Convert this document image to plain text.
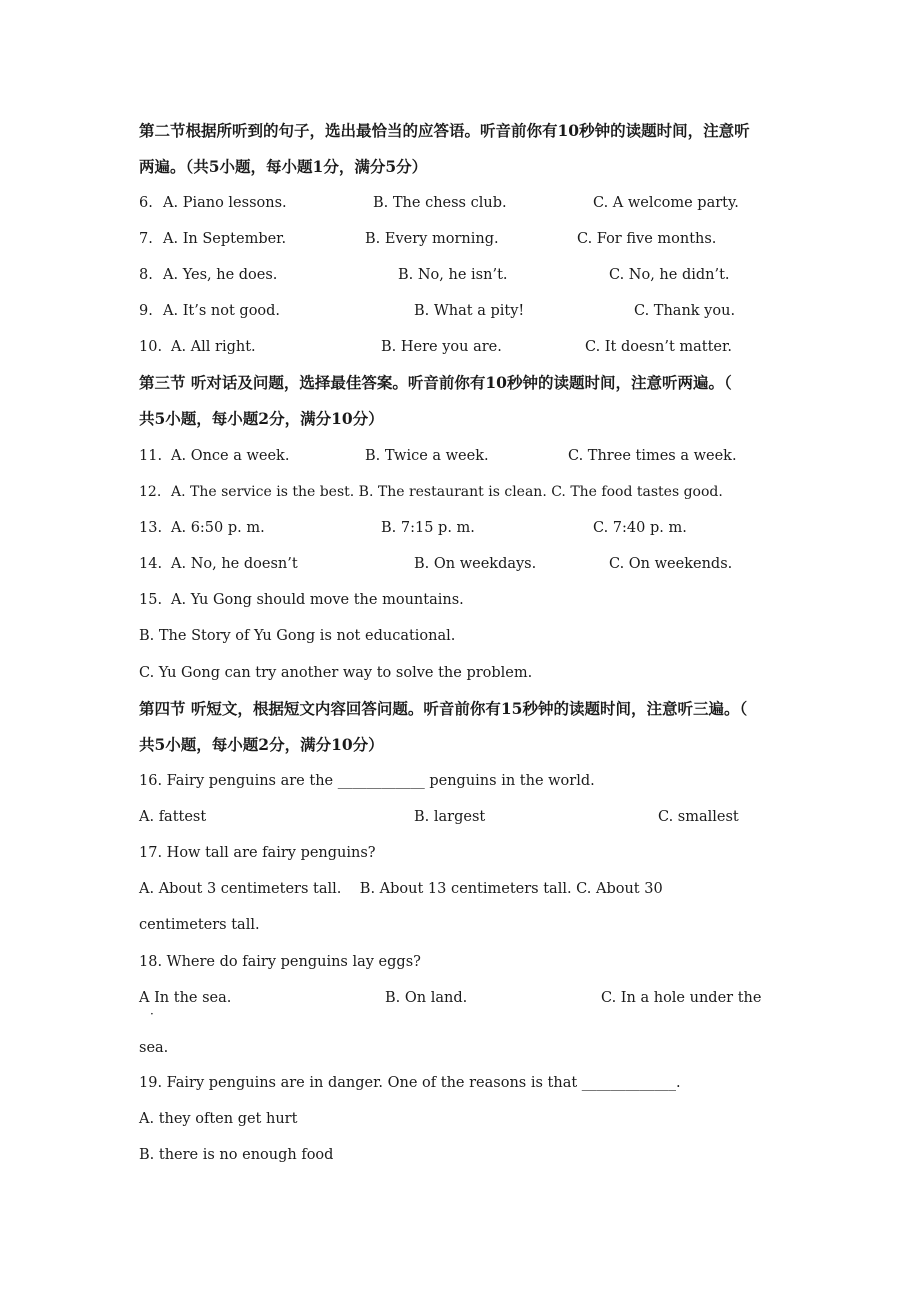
第二节根据所听到的句子，选出最恰当的应答语。听音前你有10秒钟的读题时间，注意听
两遍。（共5小题，每小题1分，满分5分）
6. A. Piano lessons.	B. The chess club.	C. A welcome party.
7. A. In September.	B. Every morning.	C. For five months.
8. A. Yes, he does.	B. No, he isn’t.	C. No, he didn’t.
9. A. It’s not good.	B. What a pity!	C. Thank you.
10. A. All right.	B. Here you are.	C. It doesn’t matter.
第三节 听对话及问题，选择最佳答案。听音前你有10秒钟的读题时间，注意听两遍。（
共5小题，每小题2分，满分10分）
11. A. Once a week.	B. Twice a week.	C. Three times a week.
12. A. The service is the best. B. The restaurant is clean. C. The food tastes good.
13. A. 6:50 p. m.	B. 7:15 p. m.	C. 7:40 p. m.
14. A. No, he doesn’t	B. On weekdays.	C. On weekends.
15. A. Yu Gong should move the mountains.
B. The Story of Yu Gong is not educational.
C. Yu Gong can try another way to solve the problem.
第四节 听短文，根据短文内容回答问题。听音前你有15秒钟的读题时间，注意听三遍。（
共5小题，每小题2分，满分10分）
16. Fairy penguins are the ____________ penguins in the world.
A. fattest	B. largest	C. smallest
17. How tall are fairy penguins?
A. About 3 centimeters tall.    B. About 13 centimeters tall. C. About 30
centimeters tall.
18. Where do fairy penguins lay eggs?
A In the sea.	B. On land.	C. In a hole under the
·
sea.
19. Fairy penguins are in danger. One of the reasons is that _____________.
A. they often get hurt
B. there is no enough food
